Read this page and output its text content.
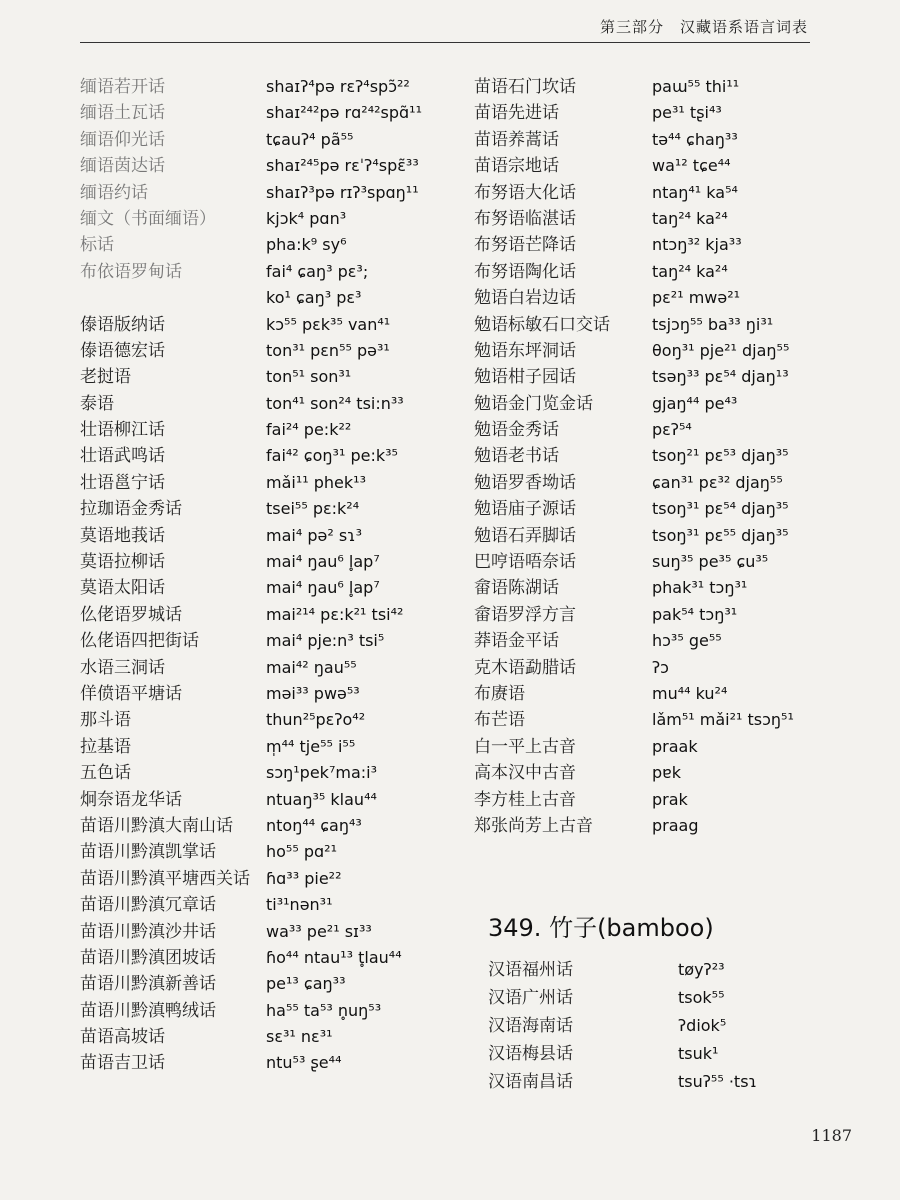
第三部分　汉藏语系语言词表
缅语若开话	shaɪʔ⁴pə rɛʔ⁴spɔ̃²²
缅语土瓦话	shaɪ²⁴²pə rɑ²⁴²spɑ̃¹¹
缅语仰光话	tɕauʔ⁴ pã⁵⁵
缅语茵达话	shaɪ²⁴⁵pə rɛˈʔ⁴spɛ̃³³
缅语约话	shaɪʔ³pə rɪʔ³spɑŋ¹¹
缅文（书面缅语）	kjɔk⁴ pɑn³
标话	pha:k⁹ sy⁶
布依语罗甸话	fai⁴ ɕaŋ³ pɛ³;
ko¹ ɕaŋ³ pɛ³
傣语版纳话	kɔ⁵⁵ pɛk³⁵ van⁴¹
傣语德宏话	ton³¹ pɛn⁵⁵ pə³¹
老挝语	ton⁵¹ son³¹
泰语	ton⁴¹ son²⁴ tsi:n³³
壮语柳江话	fai²⁴ pe:k²²
壮语武鸣话	fai⁴² ɕoŋ³¹ pe:k³⁵
壮语邕宁话	mǎi¹¹ phek¹³
拉珈语金秀话	tsei⁵⁵ pɛ:k²⁴
莫语地莪话	mai⁴ pə² sɿ³
莫语拉柳话	mai⁴ ŋau⁶ l̥ap⁷
莫语太阳话	mai⁴ ŋau⁶ l̥ap⁷
仫佬语罗城话	mai²¹⁴ pɛ:k²¹ tsi⁴²
仫佬语四把街话	mai⁴ pje:n³ tsi⁵
水语三洞话	mai⁴² ŋau⁵⁵
佯偾语平塘话	məi³³ pwə⁵³
那斗语	thun²⁵pɛʔo⁴²
拉基语	m̩⁴⁴ tje⁵⁵ i⁵⁵
五色话	sɔŋ¹pek⁷ma:i³
炯奈语龙华话	ntuaŋ³⁵ klau⁴⁴
苗语川黔滇大南山话 ntoŋ⁴⁴ ɕaŋ⁴³
苗语川黔滇凯掌话	ho⁵⁵ pɑ²¹
苗语川黔滇平塘西关话 ɦɑ³³ pie²²
苗语川黔滇冗章话	ti³¹nən³¹
苗语川黔滇沙井话	wa³³ pe²¹ sɪ³³
苗语川黔滇团坡话	ɦo⁴⁴ ntau¹³ t̥lau⁴⁴
苗语川黔滇新善话	pe¹³ ɕaŋ³³
苗语川黔滇鸭绒话	ha⁵⁵ ta⁵³ n̥uŋ⁵³
苗语高坡话	sɛ³¹ nɛ³¹
苗语吉卫话	ntu⁵³ ʂe⁴⁴
苗语石门坎话	paɯ⁵⁵ thi¹¹
苗语先进话	pe³¹ tʂi⁴³
苗语养蒿话	tə⁴⁴ ɕhaŋ³³
苗语宗地话	wa¹² tɕe⁴⁴
布努语大化话	ntaŋ⁴¹ ka⁵⁴
布努语临湛话	taŋ²⁴ ka²⁴
布努语芒降话	ntɔŋ³² kja³³
布努语陶化话	taŋ²⁴ ka²⁴
勉语白岩边话	pɛ²¹ mwə²¹
勉语标敏石口交话	tsjɔŋ⁵⁵ ba³³ ŋi³¹
勉语东坪洞话	θoŋ³¹ pje²¹ djaŋ⁵⁵
勉语柑子园话	tsəŋ³³ pɛ⁵⁴ djaŋ¹³
勉语金门览金话	gjaŋ⁴⁴ pe⁴³
勉语金秀话	pɛʔ⁵⁴
勉语老书话	tsoŋ²¹ pɛ⁵³ djaŋ³⁵
勉语罗香坳话	ɕan³¹ pɛ³² djaŋ⁵⁵
勉语庙子源话	tsoŋ³¹ pɛ⁵⁴ djaŋ³⁵
勉语石弄脚话	tsoŋ³¹ pɛ⁵⁵ djaŋ³⁵
巴哼语唔奈话	suŋ³⁵ pe³⁵ ɕu³⁵
畲语陈湖话	phak³¹ tɔŋ³¹
畲语罗浮方言	pak⁵⁴ tɔŋ³¹
莽语金平话	hɔ³⁵ ge⁵⁵
克木语勐腊话	ʔɔ
布赓语	mu⁴⁴ ku²⁴
布芒语	lǎm⁵¹ mǎi²¹ tsɔŋ⁵¹
白一平上古音	praak
高本汉中古音	pɐk
李方桂上古音	prak
郑张尚芳上古音	praag
349. 竹子(bamboo)
汉语福州话	tøyʔ²³
汉语广州话	tsok⁵⁵
汉语海南话	ʔdiok⁵
汉语梅县话	tsuk¹
汉语南昌话	tsuʔ⁵⁵ ·tsɿ
1187
